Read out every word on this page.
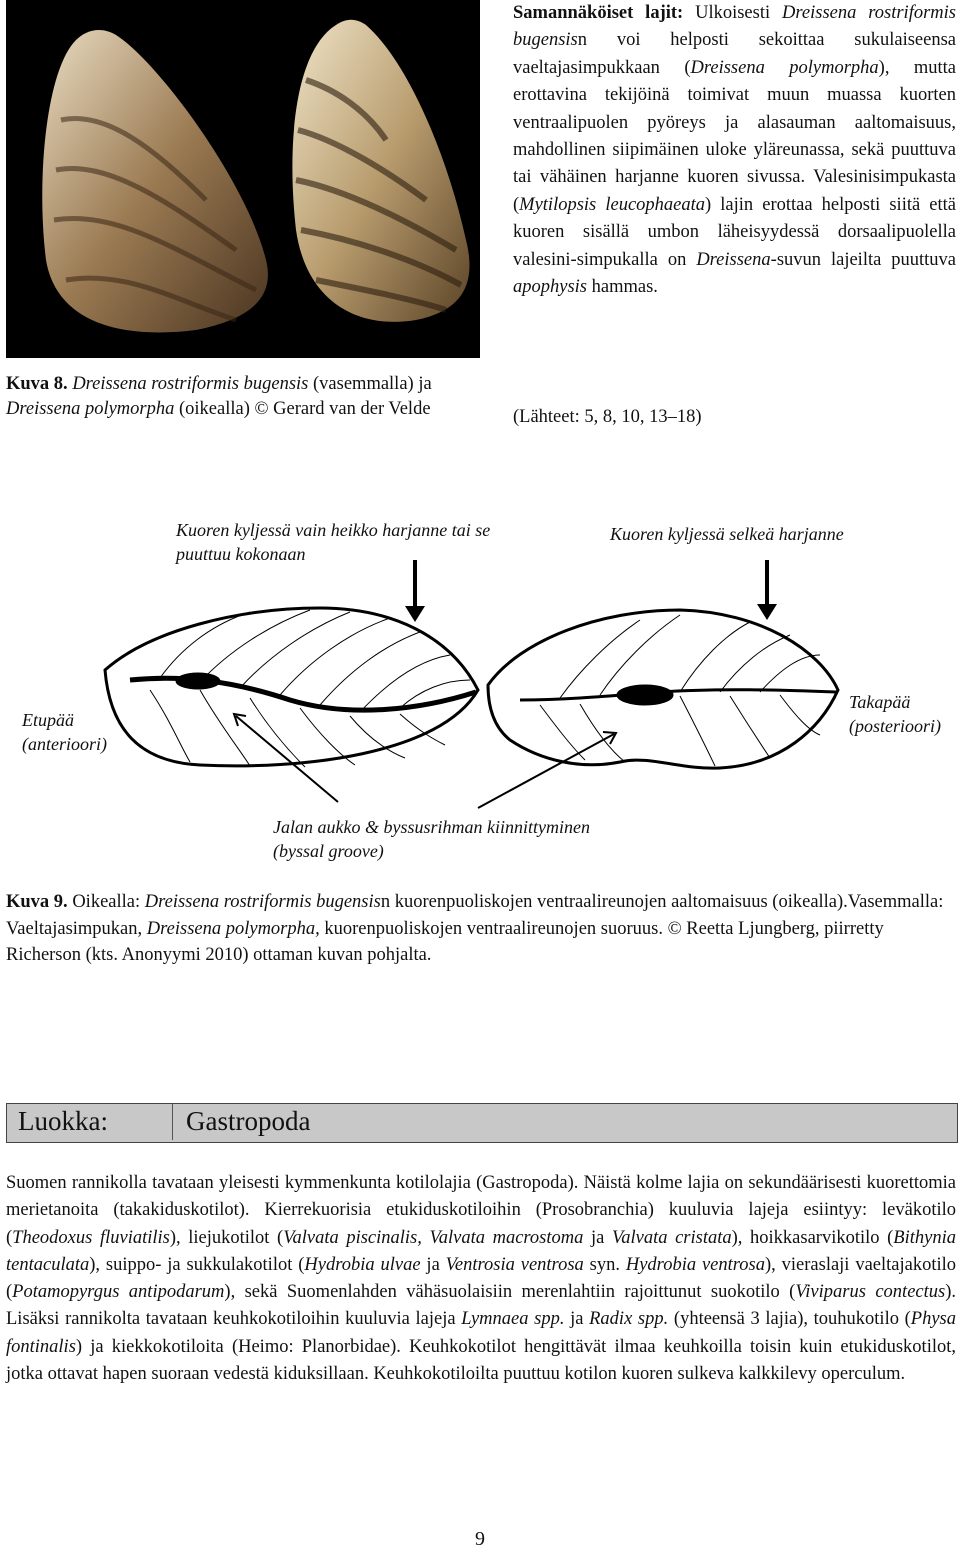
Kuva 8. Dreissena rostriformis bugensis (vasemmalla) ja Dreissena polymorpha (oikealla) © Gerard van der Velde

Samannäköiset lajit: Ulkoisesti Dreissena rostriformis bugensisn voi helposti sekoittaa sukulaiseensa vaeltajasimpukkaan (Dreissena polymorpha), mutta erottavina tekijöinä toimivat muun muassa kuorten ventraalipuolen pyöreys ja alasauman aaltomaisuus, mahdollinen siipimäinen uloke yläreunassa, sekä puuttuva tai vähäinen harjanne kuoren sivussa. Valesinisimpukasta (Mytilopsis leucophaeata) lajin erottaa helposti siitä että kuoren sisällä umbon läheisyydessä dorsaalipuolella valesini-simpukalla on Dreissena-suvun lajeilta puuttuva apophysis hammas.

(Lähteet: 5, 8, 10, 13–18)
Kuoren kyljessä vain heikko harjanne tai se puuttuu kokonaan
Kuoren kyljessä selkeä harjanne
Etupää
(anterioori)
Takapää
(posterioori)
Jalan aukko & byssusrihman kiinnittyminen
(byssal groove)
Kuva 9. Oikealla: Dreissena rostriformis bugensisn kuorenpuoliskojen ventraalireunojen aaltomaisuus (oikealla).Vasemmalla: Vaeltajasimpukan, Dreissena polymorpha, kuorenpuoliskojen ventraalireunojen suoruus. © Reetta Ljungberg, piirretty Richerson (kts. Anonyymi 2010) ottaman kuvan pohjalta.
Luokka:	Gastropoda
Suomen rannikolla tavataan yleisesti kymmenkunta kotilolajia (Gastropoda). Näistä kolme lajia on sekundäärisesti kuorettomia merietanoita (takakiduskotilot). Kierrekuorisia etukiduskotiloihin (Prosobranchia) kuuluvia lajeja esiintyy: leväkotilo (Theodoxus fluviatilis), liejukotilot (Valvata piscinalis, Valvata macrostoma ja Valvata cristata), hoikkasarvikotilo (Bithynia tentaculata), suippo- ja sukkulakotilot (Hydrobia ulvae ja Ventrosia ventrosa syn. Hydrobia ventrosa), vieraslaji vaeltajakotilo (Potamopyrgus antipodarum), sekä Suomenlahden vähäsuolaisiin merenlahtiin rajoittunut suokotilo (Viviparus contectus). Lisäksi rannikolta tavataan keuhkokotiloihin kuuluvia lajeja Lymnaea spp. ja Radix spp. (yhteensä 3 lajia), touhukotilo (Physa fontinalis) ja kiekkokotiloita (Heimo: Planorbidae). Keuhkokotilot hengittävät ilmaa keuhkoilla toisin kuin etukiduskotilot, jotka ottavat hapen suoraan vedestä kiduksillaan. Keuhkokotiloilta puuttuu kotilon kuoren sulkeva kalkkilevy operculum.
9
